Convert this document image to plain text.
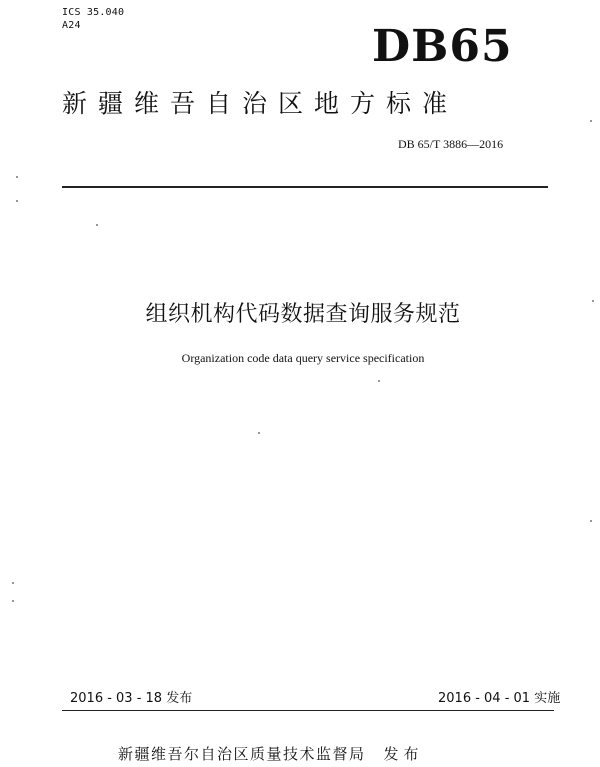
ICS 35.040
A24	DB65
新疆维吾自治区地方标准
DB 65/T 3886—2016
组织机构代码数据查询服务规范
Organization code data query service specification
2016 - 03 - 18 发布	2016 - 04 - 01 实施
新疆维吾尔自治区质量技术监督局 发布
